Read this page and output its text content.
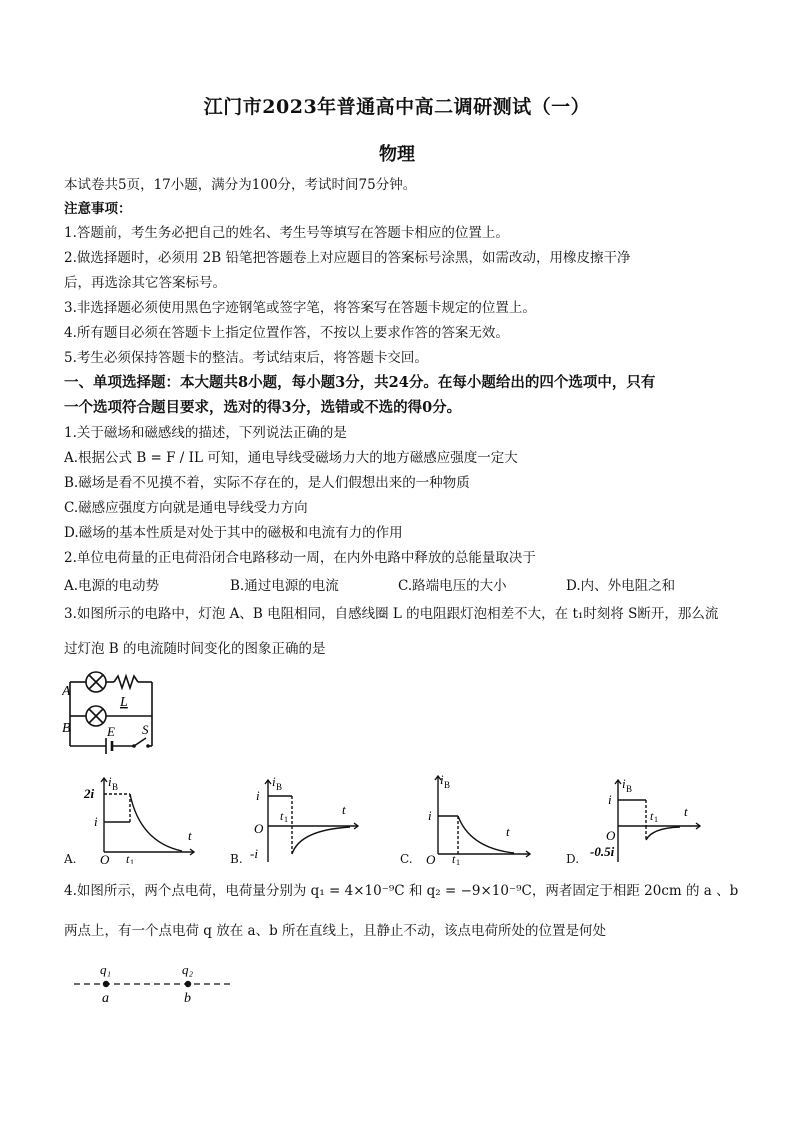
江门市2023年普通高中高二调研测试（一）
物理
本试卷共5页，17小题，满分为100分，考试时间75分钟。
注意事项：
1.答题前，考生务必把自己的姓名、考生号等填写在答题卡相应的位置上。
2.做选择题时，必须用 2B 铅笔把答题卷上对应题目的答案标号涂黑，如需改动，用橡皮擦干净
后，再选涂其它答案标号。
3.非选择题必须使用黑色字迹钢笔或签字笔，将答案写在答题卡规定的位置上。
4.所有题目必须在答题卡上指定位置作答，不按以上要求作答的答案无效。
5.考生必须保持答题卡的整洁。考试结束后，将答题卡交回。
一、单项选择题：本大题共8小题，每小题3分，共24分。在每小题给出的四个选项中，只有
一个选项符合题目要求，选对的得3分，选错或不选的得0分。
1.关于磁场和磁感线的描述，下列说法正确的是
A.根据公式 B = F / IL 可知，通电导线受磁场力大的地方磁感应强度一定大
B.磁场是看不见摸不着，实际不存在的，是人们假想出来的一种物质
C.磁感应强度方向就是通电导线受力方向
D.磁场的基本性质是对处于其中的磁极和电流有力的作用
2.单位电荷量的正电荷沿闭合电路移动一周，在内外电路中释放的总能量取决于
A.电源的电动势	B.通过电源的电流	C.路端电压的大小	D.内、外电阻之和
3.如图所示的电路中，灯泡 A、B 电阻相同，自感线圈 L 的电阻跟灯泡相差不大，在 t₁时刻将 S断开，那么流
过灯泡 B 的电流随时间变化的图象正确的是
A
B
L
E S
2i
i
i B
t
O t 1
A.
i
i B
t
O
t 1
-i
B.
i
i B
t
O t 1
C.
i
i B
t
O
t 1
-0.5i
D.
4.如图所示，两个点电荷，电荷量分别为 q₁ = 4×10⁻⁹C 和 q₂ = −9×10⁻⁹C，两者固定于相距 20cm 的 a 、b
两点上，有一个点电荷 q 放在 a、b 所在直线上，且静止不动，该点电荷所处的位置是何处
q₁	q₂
a	b
